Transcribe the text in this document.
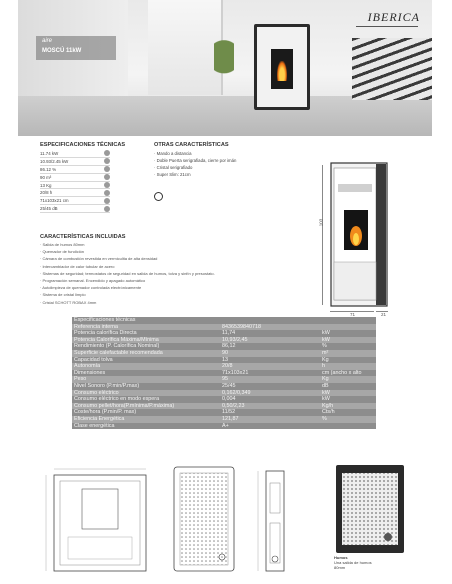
aire
MOSCÚ 11kW
IBERICA
ESPECIFICACIONES TÉCNICAS
11.74 kW
10.93/2.45 kW
86.12 %
90 m³
13 Kg
20/8 h
71x103x21 cm
25/45 dB
OTRAS CARACTERÍSTICAS
· Mando a distancia
· Doble Puerta serigrafiada, cierre por imán
· Cristal serigrafiado
· Super Slim: 21cm
CARACTERÍSTICAS INCLUIDAS
· Salida de humos 80mm
· Quemador de fundición
· Cámara de combustión revestida en vermiculita de alta densidad
· Intercambiador de calor tubular de acero
· Sistemas de seguridad; termostatos de seguridad en salida de humos, tolva y sinfín y presostato.
· Programación semanal. Encendido y apagado automático
· Autolimpieza de quemador controlada electrónicamente
· Sistema de cristal limpio
· Cristal SCHOTT ROBAX 4mm
103
71	21
Especificaciones técnicas		
Referencia interna	8436539840718	
Potencia calorífica Directa	11,74	kW
Potencia Calorífica Máxima/Mínima	10,93/2,45	kW
Rendimiento (P. Calorífica Nominal)	86,12	%
Superficie calefactable recomendada	90	m²
Capacidad tolva	13	Kg
Autonomía	20/8	h
Dimensiones	71x103x21	cm (ancho x alto
Peso	95	Kg
Nivel Sonoro (P.min/P.max)	25/45	dB
Consumo eléctrico	0,162/0,349	kW
Consumo eléctrico en modo espera	0,004	kW
Consumo pellet/hora(P.mínima/P.máxima)	0,50/2,23	Kg/h
Coste/hora (P.min/P. max)	11/52	Cts/h
Eficiencia Energética	121,87	%
Clase energética	A+	
Humos
Una salida de humos
80mm
